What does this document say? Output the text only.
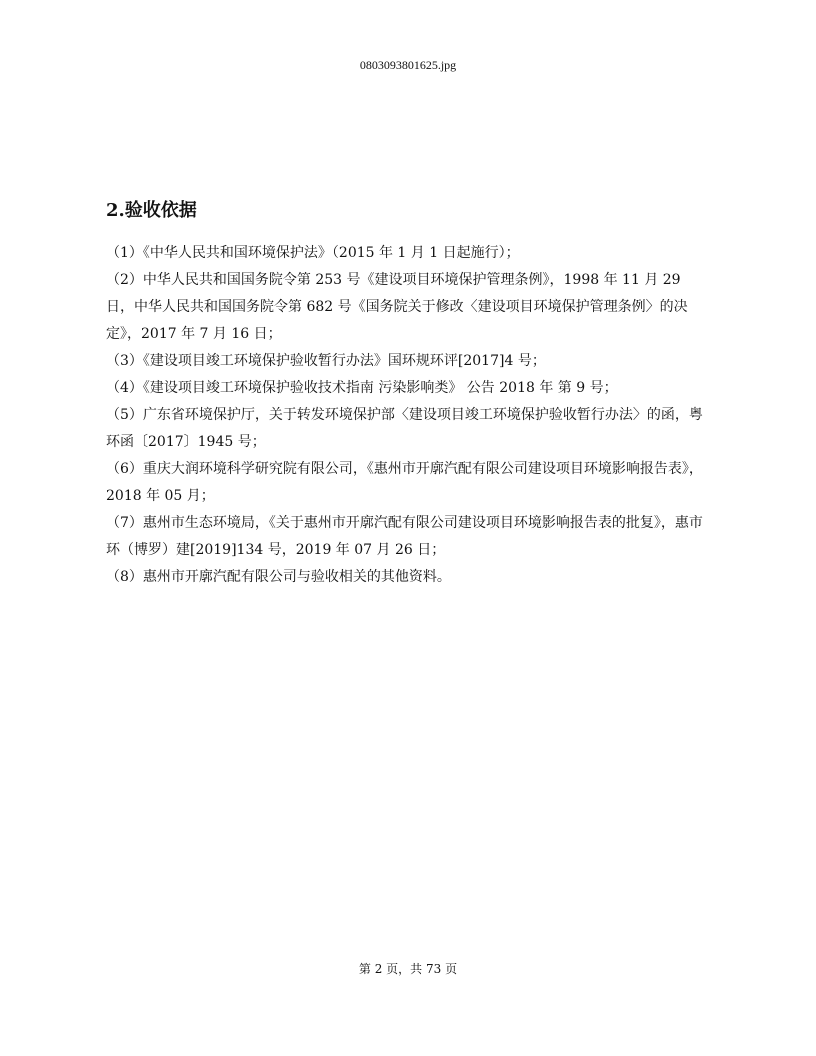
0803093801625.jpg
2.验收依据

（1）《中华人民共和国环境保护法》（2015 年 1 月 1 日起施行）；

（2）中华人民共和国国务院令第 253 号《建设项目环境保护管理条例》，1998 年 11 月 29 日，中华人民共和国国务院令第 682 号《国务院关于修改〈建设项目环境保护管理条例〉的决定》，2017 年 7 月 16 日；

（3）《建设项目竣工环境保护验收暂行办法》国环规环评[2017]4 号；

（4）《建设项目竣工环境保护验收技术指南 污染影响类》 公告 2018 年 第 9 号；

（5）广东省环境保护厅，关于转发环境保护部〈建设项目竣工环境保护验收暂行办法〉的函，粤环函〔2017〕1945 号；

（6）重庆大润环境科学研究院有限公司，《惠州市开廓汽配有限公司建设项目环境影响报告表》，2018 年 05 月；

（7）惠州市生态环境局，《关于惠州市开廓汽配有限公司建设项目环境影响报告表的批复》，惠市环（博罗）建[2019]134 号，2019 年 07 月 26 日；

（8）惠州市开廓汽配有限公司与验收相关的其他资料。

第 2 页，共 73 页
